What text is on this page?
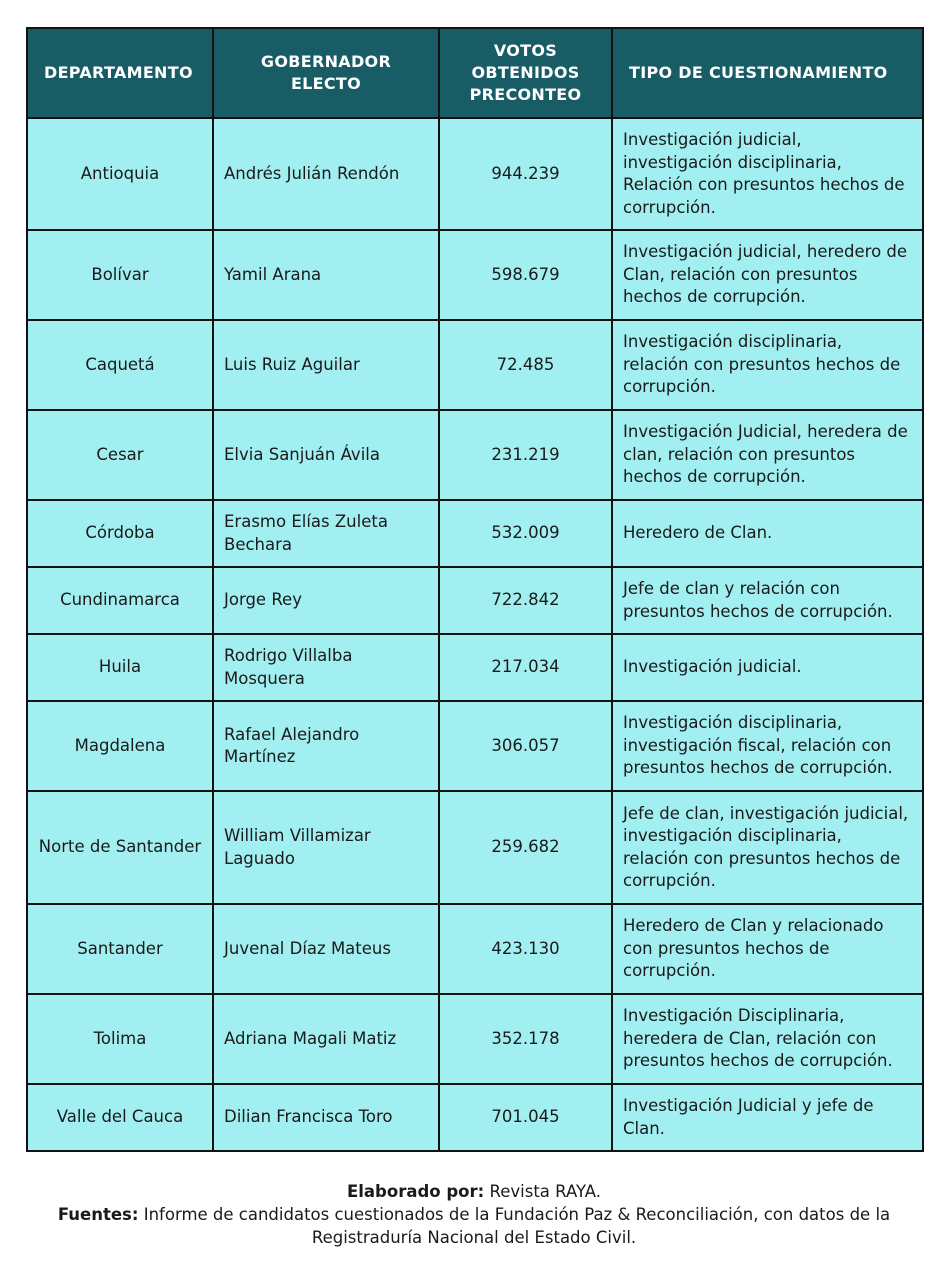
DEPARTAMENTO	GOBERNADOR ELECTO	VOTOS OBTENIDOS PRECONTEO	TIPO DE CUESTIONAMIENTO
Antioquia	Andrés Julián Rendón	944.239	Investigación judicial, investigación disciplinaria, Relación con presuntos hechos de corrupción.
Bolívar	Yamil Arana	598.679	Investigación judicial, heredero de Clan, relación con presuntos hechos de corrupción.
Caquetá	Luis Ruiz Aguilar	72.485	Investigación disciplinaria, relación con presuntos hechos de corrupción.
Cesar	Elvia Sanjuán Ávila	231.219	Investigación Judicial, heredera de clan, relación con presuntos hechos de corrupción.
Córdoba	Erasmo Elías Zuleta Bechara	532.009	Heredero de Clan.
Cundinamarca	Jorge Rey	722.842	Jefe de clan y relación con presuntos hechos de corrupción.
Huila	Rodrigo Villalba Mosquera	217.034	Investigación judicial.
Magdalena	Rafael Alejandro Martínez	306.057	Investigación disciplinaria, investigación fiscal, relación con presuntos hechos de corrupción.
Norte de Santander	William Villamizar Laguado	259.682	Jefe de clan, investigación judicial, investigación disciplinaria, relación con presuntos hechos de corrupción.
Santander	Juvenal Díaz Mateus	423.130	Heredero de Clan y relacionado con presuntos hechos de corrupción.
Tolima	Adriana Magali Matiz	352.178	Investigación Disciplinaria, heredera de Clan, relación con presuntos hechos de corrupción.
Valle del Cauca	Dilian Francisca Toro	701.045	Investigación Judicial y jefe de Clan.
Elaborado por: Revista RAYA.
Fuentes: Informe de candidatos cuestionados de la Fundación Paz & Reconciliación, con datos de la Registraduría Nacional del Estado Civil.
